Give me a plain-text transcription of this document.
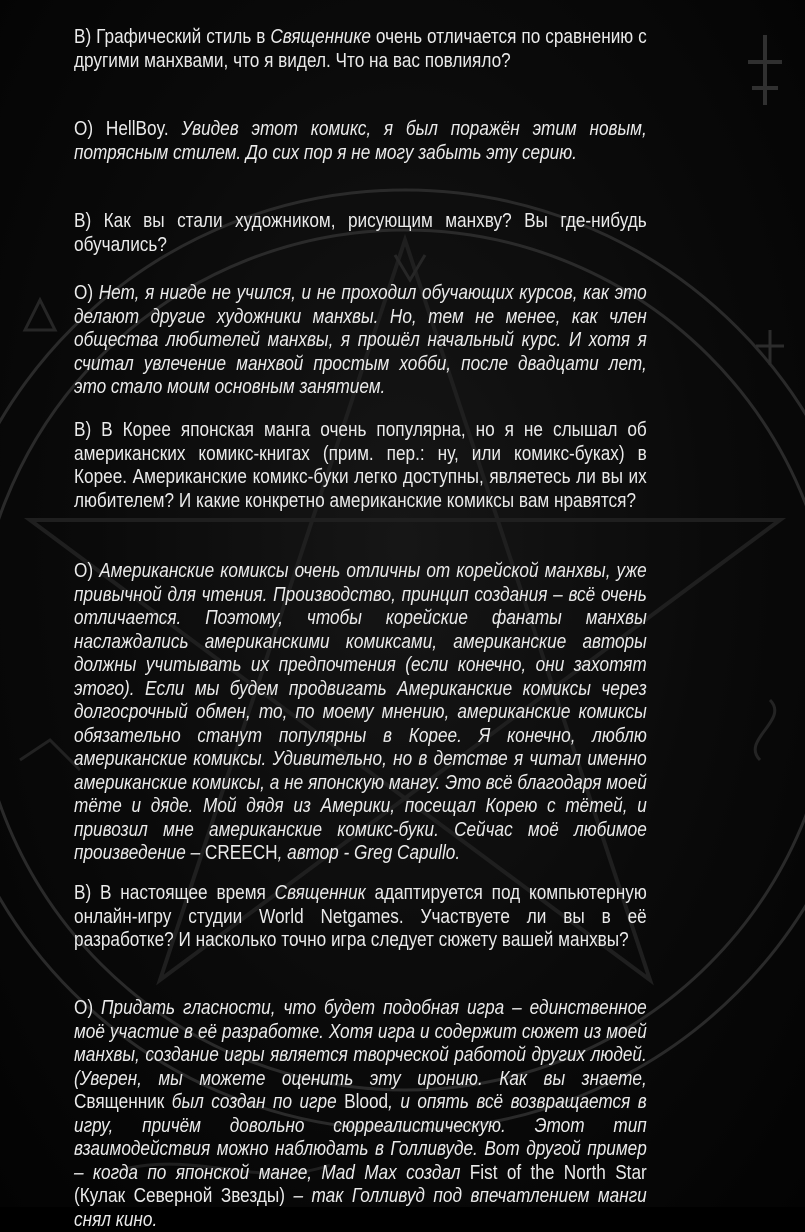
В) Графический стиль в Священнике очень отличается по сравнению с другими манхвами, что я видел. Что на вас повлияло?

О) HellBoy. Увидев этот комикс, я был поражён этим новым, потрясным стилем. До сих пор я не могу забыть эту серию.

В) Как вы стали художником, рисующим манхву? Вы где-нибудь обучались?

О) Нет, я нигде не учился, и не проходил обучающих курсов, как это делают другие художники манхвы. Но, тем не менее, как член общества любителей манхвы, я прошёл начальный курс. И хотя я считал увлечение манхвой простым хобби, после двадцати лет, это стало моим основным занятием.

В) В Корее японская манга очень популярна, но я не слышал об американских комикс-книгах (прим. пер.: ну, или комикс-буках) в Корее. Американские комикс-буки легко доступны, являетесь ли вы их любителем? И какие конкретно американские комиксы вам нравятся?

О) Американские комиксы очень отличны от корейской манхвы, уже привычной для чтения. Производство, принцип создания – всё очень отличается. Поэтому, чтобы корейские фанаты манхвы наслаждались американскими комиксами, американские авторы должны учитывать их предпочтения (если конечно, они захотят этого). Если мы будем продвигать Американские комиксы через долгосрочный обмен, то, по моему мнению, американские комиксы обязательно станут популярны в Корее. Я конечно, люблю американские комиксы. Удивительно, но в детстве я читал именно американские комиксы, а не японскую мангу. Это всё благодаря моей тёте и дяде. Мой дядя из Америки, посещал Корею с тётей, и привозил мне американские комикс-буки. Сейчас моё любимое произведение – CREECH, автор - Greg Capullo.

В) В настоящее время Священник адаптируется под компьютерную онлайн-игру студии World Netgames. Участвуете ли вы в её разработке? И насколько точно игра следует сюжету вашей манхвы?

О) Придать гласности, что будет подобная игра – единственное моё участие в её разработке. Хотя игра и содержит сюжет из моей манхвы, создание игры является творческой работой других людей. (Уверен, мы можете оценить эту иронию. Как вы знаете, Священник был создан по игре Blood, и опять всё возвращается в игру, причём довольно сюрреалистическую. Этот тип взаимодействия можно наблюдать в Голливуде. Вот другой пример – когда по японской манге, Mad Max создал Fist of the North Star (Кулак Северной Звезды) – так Голливуд под впечатлением манги снял кино.
